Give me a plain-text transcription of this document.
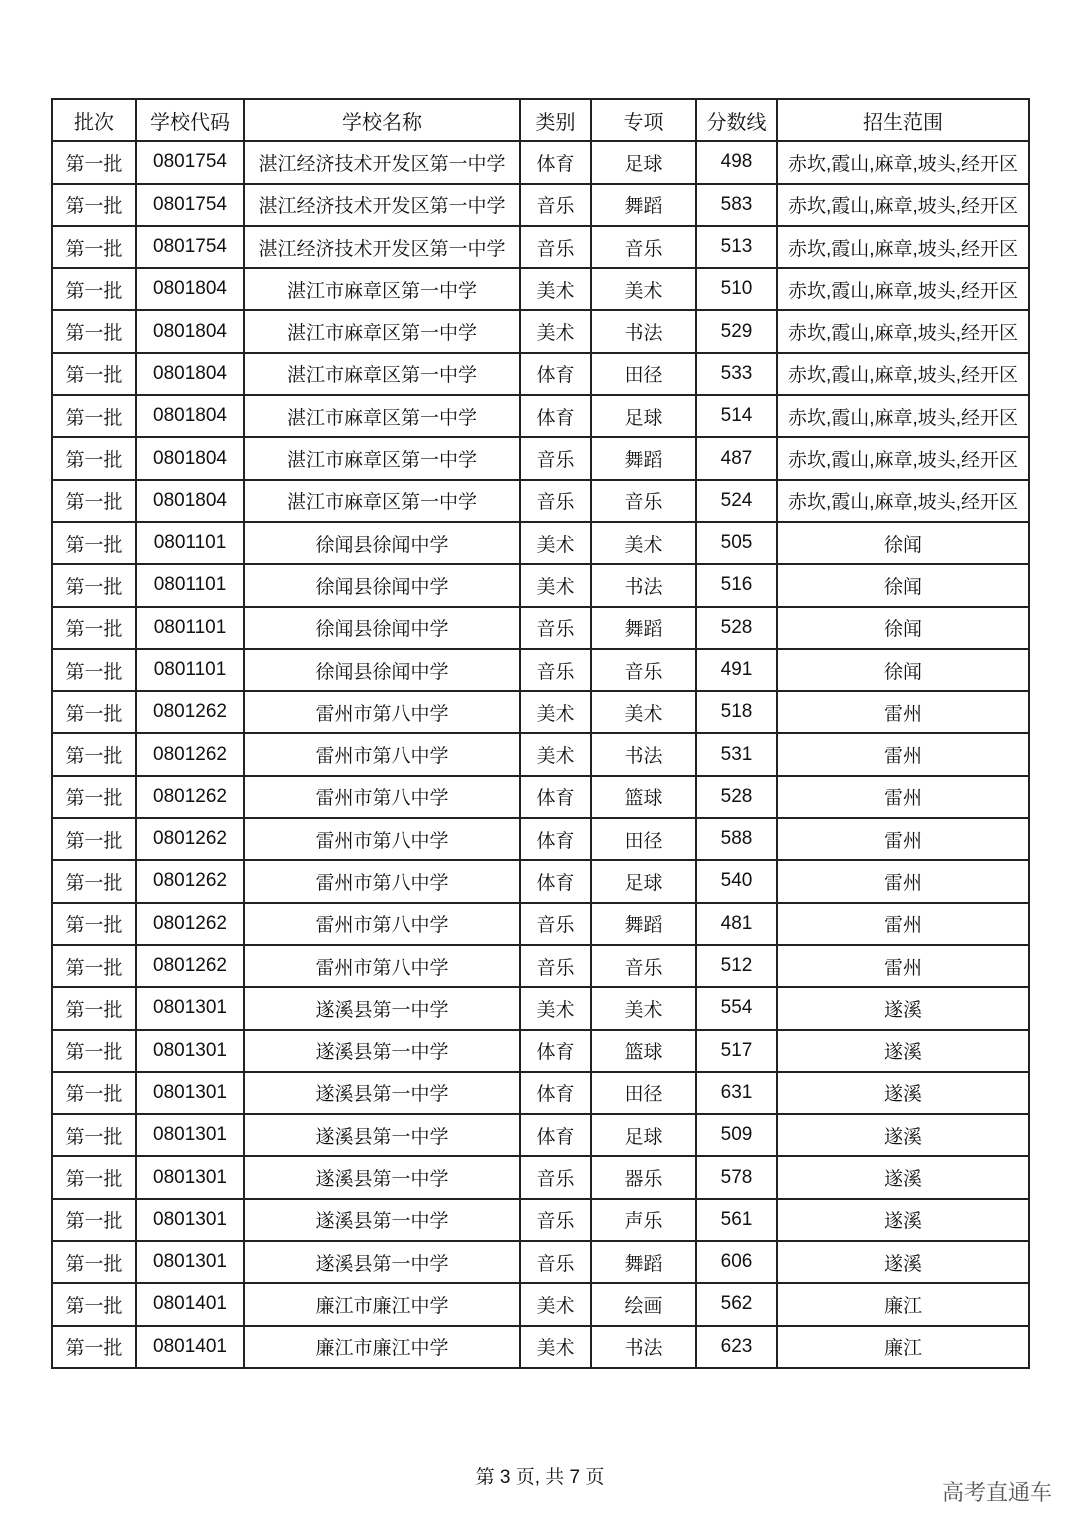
批次	学校代码	学校名称	类别	专项	分数线	招生范围
第一批	0801754	湛江经济技术开发区第一中学	体育	足球	498	赤坎,霞山,麻章,坡头,经开区
第一批	0801754	湛江经济技术开发区第一中学	音乐	舞蹈	583	赤坎,霞山,麻章,坡头,经开区
第一批	0801754	湛江经济技术开发区第一中学	音乐	音乐	513	赤坎,霞山,麻章,坡头,经开区
第一批	0801804	湛江市麻章区第一中学	美术	美术	510	赤坎,霞山,麻章,坡头,经开区
第一批	0801804	湛江市麻章区第一中学	美术	书法	529	赤坎,霞山,麻章,坡头,经开区
第一批	0801804	湛江市麻章区第一中学	体育	田径	533	赤坎,霞山,麻章,坡头,经开区
第一批	0801804	湛江市麻章区第一中学	体育	足球	514	赤坎,霞山,麻章,坡头,经开区
第一批	0801804	湛江市麻章区第一中学	音乐	舞蹈	487	赤坎,霞山,麻章,坡头,经开区
第一批	0801804	湛江市麻章区第一中学	音乐	音乐	524	赤坎,霞山,麻章,坡头,经开区
第一批	0801101	徐闻县徐闻中学	美术	美术	505	徐闻
第一批	0801101	徐闻县徐闻中学	美术	书法	516	徐闻
第一批	0801101	徐闻县徐闻中学	音乐	舞蹈	528	徐闻
第一批	0801101	徐闻县徐闻中学	音乐	音乐	491	徐闻
第一批	0801262	雷州市第八中学	美术	美术	518	雷州
第一批	0801262	雷州市第八中学	美术	书法	531	雷州
第一批	0801262	雷州市第八中学	体育	篮球	528	雷州
第一批	0801262	雷州市第八中学	体育	田径	588	雷州
第一批	0801262	雷州市第八中学	体育	足球	540	雷州
第一批	0801262	雷州市第八中学	音乐	舞蹈	481	雷州
第一批	0801262	雷州市第八中学	音乐	音乐	512	雷州
第一批	0801301	遂溪县第一中学	美术	美术	554	遂溪
第一批	0801301	遂溪县第一中学	体育	篮球	517	遂溪
第一批	0801301	遂溪县第一中学	体育	田径	631	遂溪
第一批	0801301	遂溪县第一中学	体育	足球	509	遂溪
第一批	0801301	遂溪县第一中学	音乐	器乐	578	遂溪
第一批	0801301	遂溪县第一中学	音乐	声乐	561	遂溪
第一批	0801301	遂溪县第一中学	音乐	舞蹈	606	遂溪
第一批	0801401	廉江市廉江中学	美术	绘画	562	廉江
第一批	0801401	廉江市廉江中学	美术	书法	623	廉江
第 3 页, 共 7 页
高考直通车
